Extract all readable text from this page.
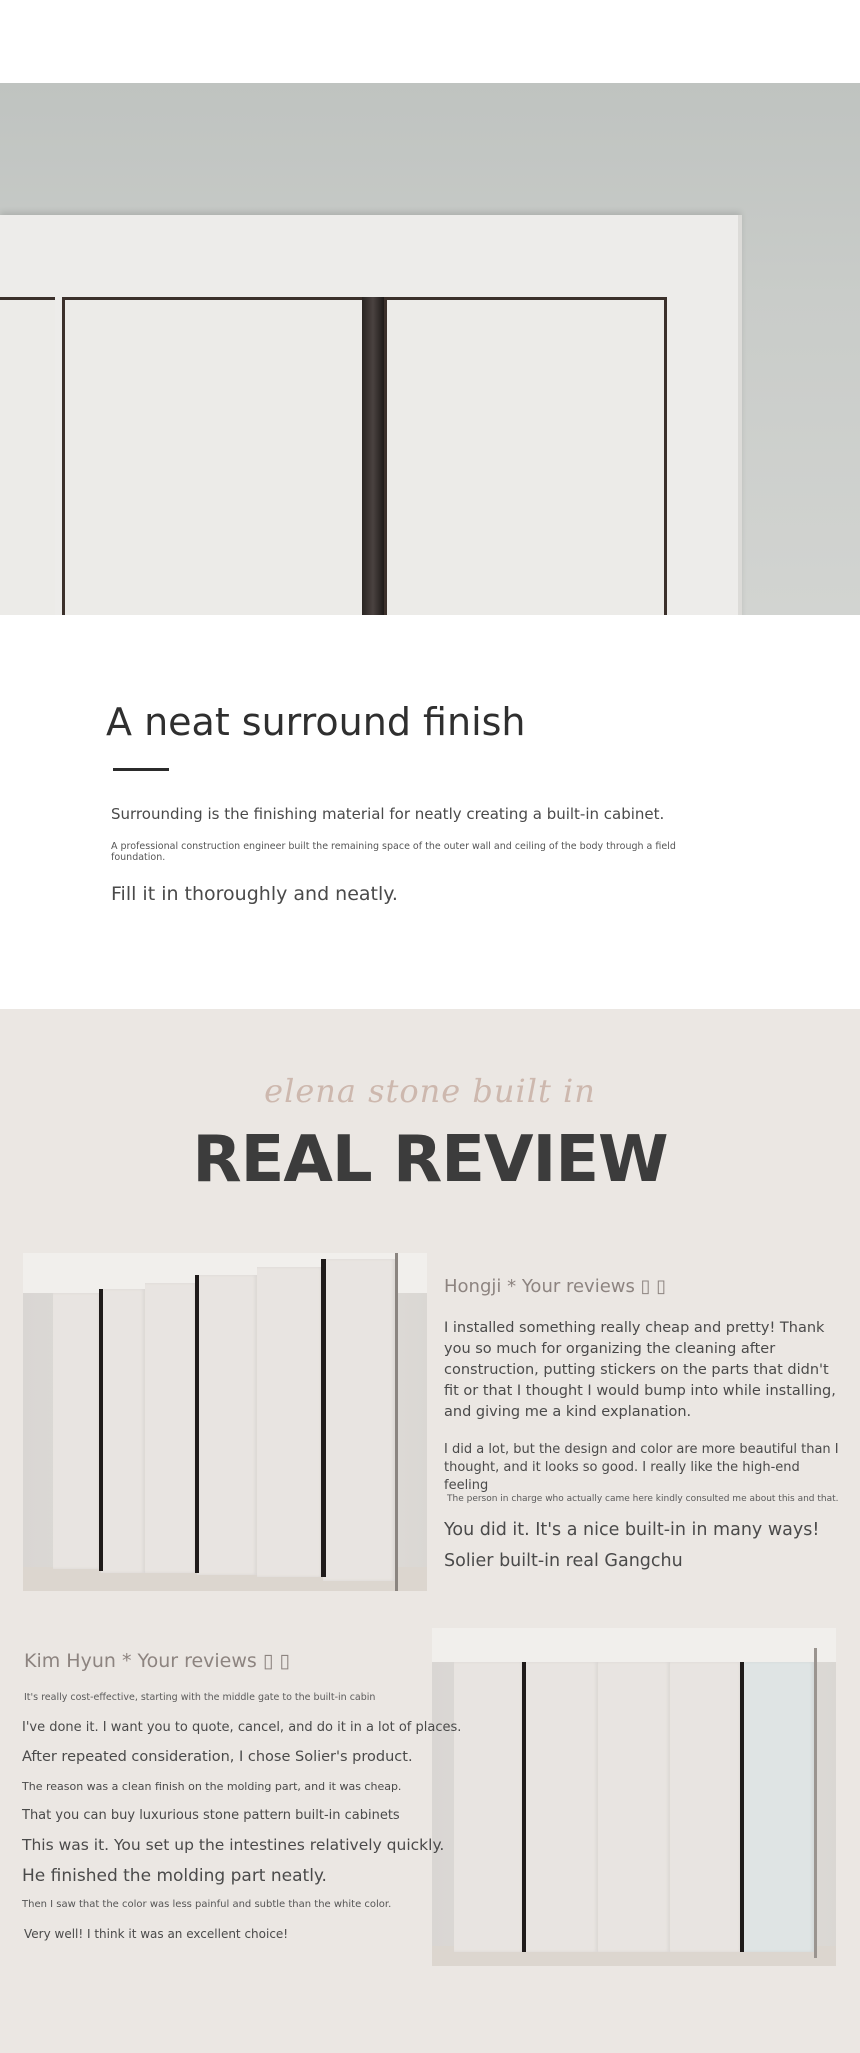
A neat surround finish
Surrounding is the finishing material for neatly creating a built-in cabinet.
A professional construction engineer built the remaining space of the outer wall and ceiling of the body through a field foundation.
Fill it in thoroughly and neatly.
elena stone built in
REAL REVIEW
Hongji * Your reviews ▯ ▯
I installed something really cheap and pretty! Thank you so much for organizing the cleaning after construction, putting stickers on the parts that didn't fit or that I thought I would bump into while installing, and giving me a kind explanation.
I did a lot, but the design and color are more beautiful than I thought, and it looks so good. I really like the high-end feeling
The person in charge who actually came here kindly consulted me about this and that.
You did it. It's a nice built-in in many ways!
Solier built-in real Gangchu
Kim Hyun * Your reviews ▯ ▯
It's really cost-effective, starting with the middle gate to the built-in cabin
I've done it. I want you to quote, cancel, and do it in a lot of places.
After repeated consideration, I chose Solier's product.
The reason was a clean finish on the molding part, and it was cheap.
That you can buy luxurious stone pattern built-in cabinets
This was it. You set up the intestines relatively quickly.
He finished the molding part neatly.
Then I saw that the color was less painful and subtle than the white color.
Very well! I think it was an excellent choice!
